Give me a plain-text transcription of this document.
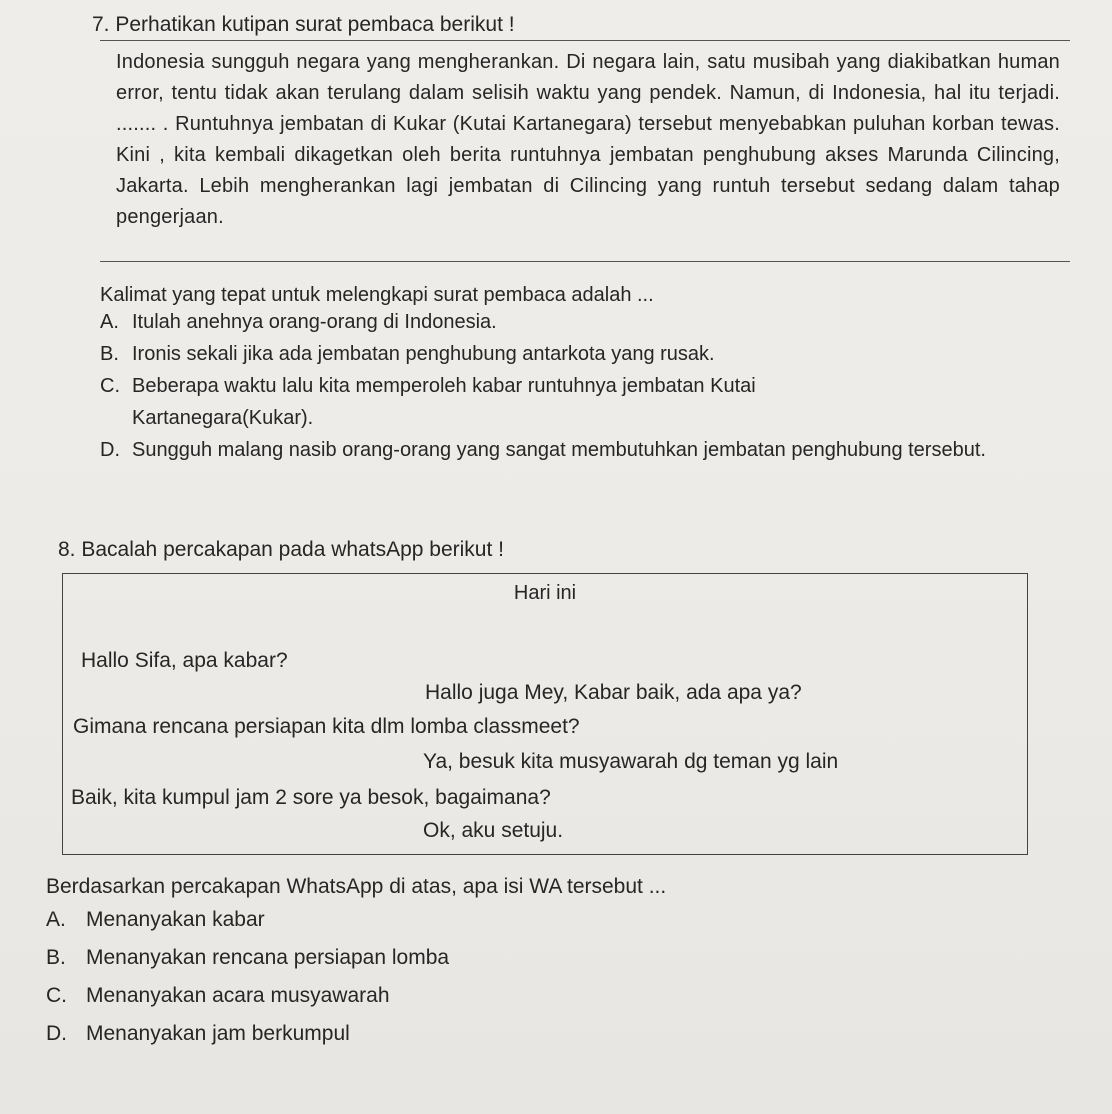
7. Perhatikan kutipan surat pembaca berikut !

Indonesia sungguh negara yang mengherankan. Di negara lain, satu musibah yang diakibatkan human error, tentu tidak akan terulang dalam selisih waktu yang pendek. Namun, di Indonesia, hal itu terjadi. ....... . Runtuhnya jembatan di Kukar (Kutai Kartanegara) tersebut menyebabkan puluhan korban tewas. Kini , kita kembali dikagetkan oleh berita runtuhnya jembatan penghubung akses Marunda Cilincing, Jakarta. Lebih mengherankan lagi jembatan di Cilincing yang runtuh tersebut sedang dalam tahap pengerjaan.

Kalimat yang tepat untuk melengkapi surat pembaca adalah ...
A. Itulah anehnya orang-orang di Indonesia.
B. Ironis sekali jika ada jembatan penghubung antarkota yang rusak.
C. Beberapa waktu lalu kita memperoleh kabar runtuhnya jembatan Kutai Kartanegara(Kukar).
D. Sungguh malang nasib orang-orang yang sangat membutuhkan jembatan penghubung tersebut.
8. Bacalah percakapan pada whatsApp berikut !
Hari ini
Hallo Sifa, apa kabar?
Hallo juga Mey, Kabar baik, ada apa ya?
Gimana rencana persiapan kita dlm lomba classmeet?
Ya, besuk kita musyawarah dg teman yg lain
Baik, kita kumpul jam 2 sore ya besok, bagaimana?
Ok, aku setuju.
Berdasarkan percakapan WhatsApp di atas, apa isi WA tersebut ...
A. Menanyakan kabar
B. Menanyakan rencana persiapan lomba
C. Menanyakan acara musyawarah
D. Menanyakan jam berkumpul
